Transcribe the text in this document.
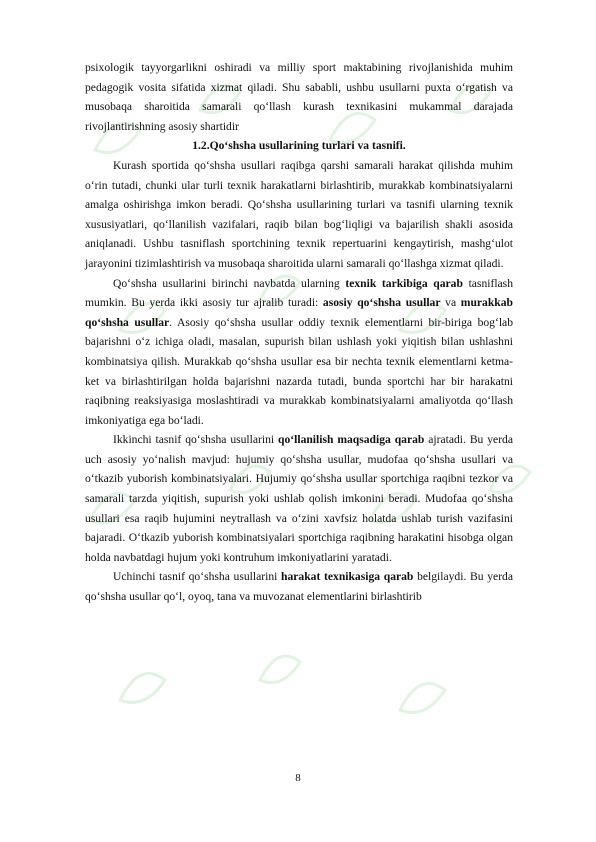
psixologik tayyorgarlikni oshiradi va milliy sport maktabining rivojlanishida muhim pedagogik vosita sifatida xizmat qiladi. Shu sababli, ushbu usullarni puxta o‘rgatish va musobaqa sharoitida samarali qo‘llash kurash texnikasini mukammal darajada rivojlantirishning asosiy shartidir

1.2.Qo‘shsha usullarining turlari va tasnifi.

Kurash sportida qo‘shsha usullari raqibga qarshi samarali harakat qilishda muhim o‘rin tutadi, chunki ular turli texnik harakatlarni birlashtirib, murakkab kombinatsiyalarni amalga oshirishga imkon beradi. Qo‘shsha usullarining turlari va tasnifi ularning texnik xususiyatlari, qo‘llanilish vazifalari, raqib bilan bog‘liqligi va bajarilish shakli asosida aniqlanadi. Ushbu tasniflash sportchining texnik repertuarini kengaytirish, mashg‘ulot jarayonini tizimlashtirish va musobaqa sharoitida ularni samarali qo‘llashga xizmat qiladi.

Qo‘shsha usullarini birinchi navbatda ularning texnik tarkibiga qarab tasniflash mumkin. Bu yerda ikki asosiy tur ajralib turadi: asosiy qo‘shsha usullar va murakkab qo‘shsha usullar. Asosiy qo‘shsha usullar oddiy texnik elementlarni bir-biriga bog‘lab bajarishni o‘z ichiga oladi, masalan, supurish bilan ushlash yoki yiqitish bilan ushlashni kombinatsiya qilish. Murakkab qo‘shsha usullar esa bir nechta texnik elementlarni ketma-ket va birlashtirilgan holda bajarishni nazarda tutadi, bunda sportchi har bir harakatni raqibning reaksiyasiga moslashtiradi va murakkab kombinatsiyalarni amaliyotda qo‘llash imkoniyatiga ega bo‘ladi.

Ikkinchi tasnif qo‘shsha usullarini qo‘llanilish maqsadiga qarab ajratadi. Bu yerda uch asosiy yo‘nalish mavjud: hujumiy qo‘shsha usullar, mudofaa qo‘shsha usullari va o‘tkazib yuborish kombinatsiyalari. Hujumiy qo‘shsha usullar sportchiga raqibni tezkor va samarali tarzda yiqitish, supurish yoki ushlab qolish imkonini beradi. Mudofaa qo‘shsha usullari esa raqib hujumini neytrallash va o‘zini xavfsiz holatda ushlab turish vazifasini bajaradi. O‘tkazib yuborish kombinatsiyalari sportchiga raqibning harakatini hisobga olgan holda navbatdagi hujum yoki kontruhum imkoniyatlarini yaratadi.

Uchinchi tasnif qo‘shsha usullarini harakat texnikasiga qarab belgilaydi. Bu yerda qo‘shsha usullar qo‘l, oyoq, tana va muvozanat elementlarini birlashtirib

8
